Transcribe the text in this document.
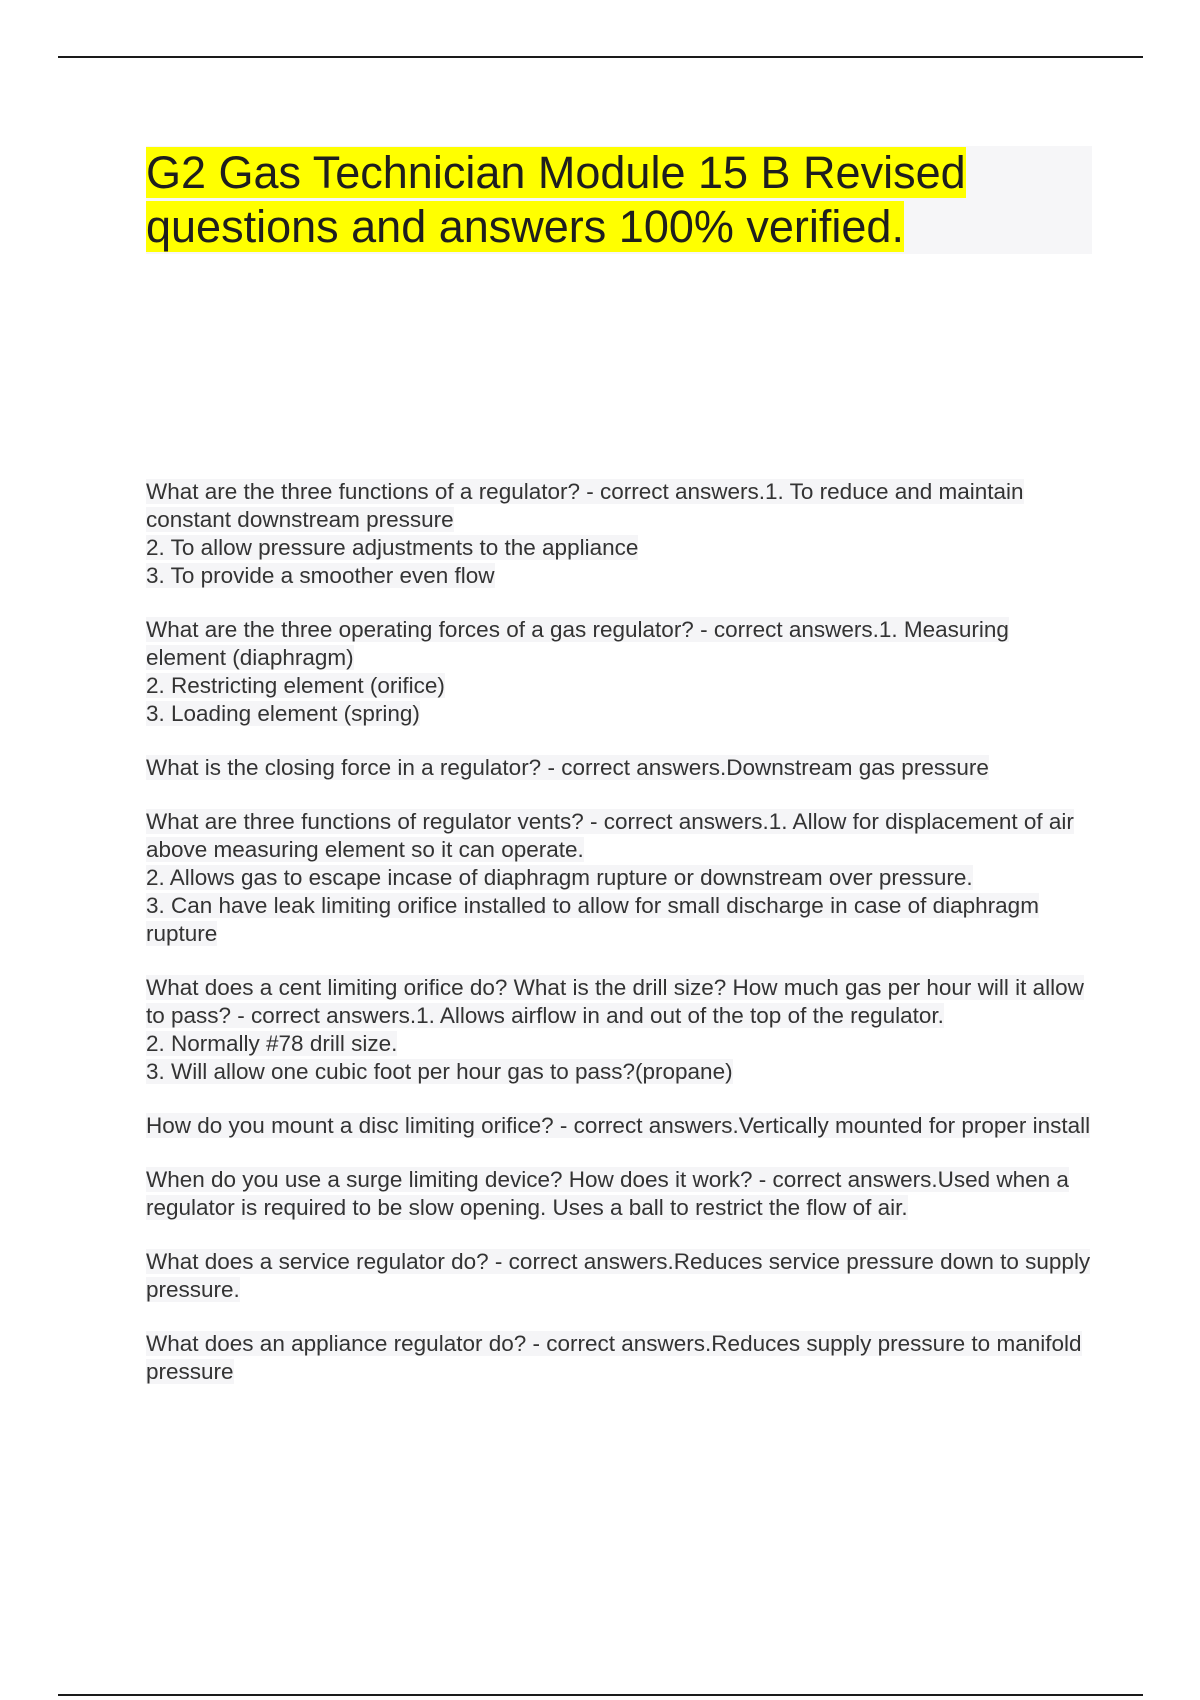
G2 Gas Technician Module 15 B Revised questions and answers 100% verified.

What are the three functions of a regulator? - correct answers.1. To reduce and maintain constant downstream pressure

2. To allow pressure adjustments to the appliance

3. To provide a smoother even flow

What are the three operating forces of a gas regulator? - correct answers.1. Measuring element (diaphragm)

2. Restricting element (orifice)

3. Loading element (spring)

What is the closing force in a regulator? - correct answers.Downstream gas pressure

What are three functions of regulator vents? - correct answers.1. Allow for displacement of air above measuring element so it can operate.

2. Allows gas to escape incase of diaphragm rupture or downstream over pressure.

3. Can have leak limiting orifice installed to allow for small discharge in case of diaphragm rupture

What does a cent limiting orifice do? What is the drill size? How much gas per hour will it allow to pass? - correct answers.1. Allows airflow in and out of the top of the regulator.

2. Normally #78 drill size.

3. Will allow one cubic foot per hour gas to pass?(propane)

How do you mount a disc limiting orifice? - correct answers.Vertically mounted for proper install

When do you use a surge limiting device? How does it work? - correct answers.Used when a regulator is required to be slow opening. Uses a ball to restrict the flow of air.

What does a service regulator do? - correct answers.Reduces service pressure down to supply pressure.

What does an appliance regulator do? - correct answers.Reduces supply pressure to manifold pressure
